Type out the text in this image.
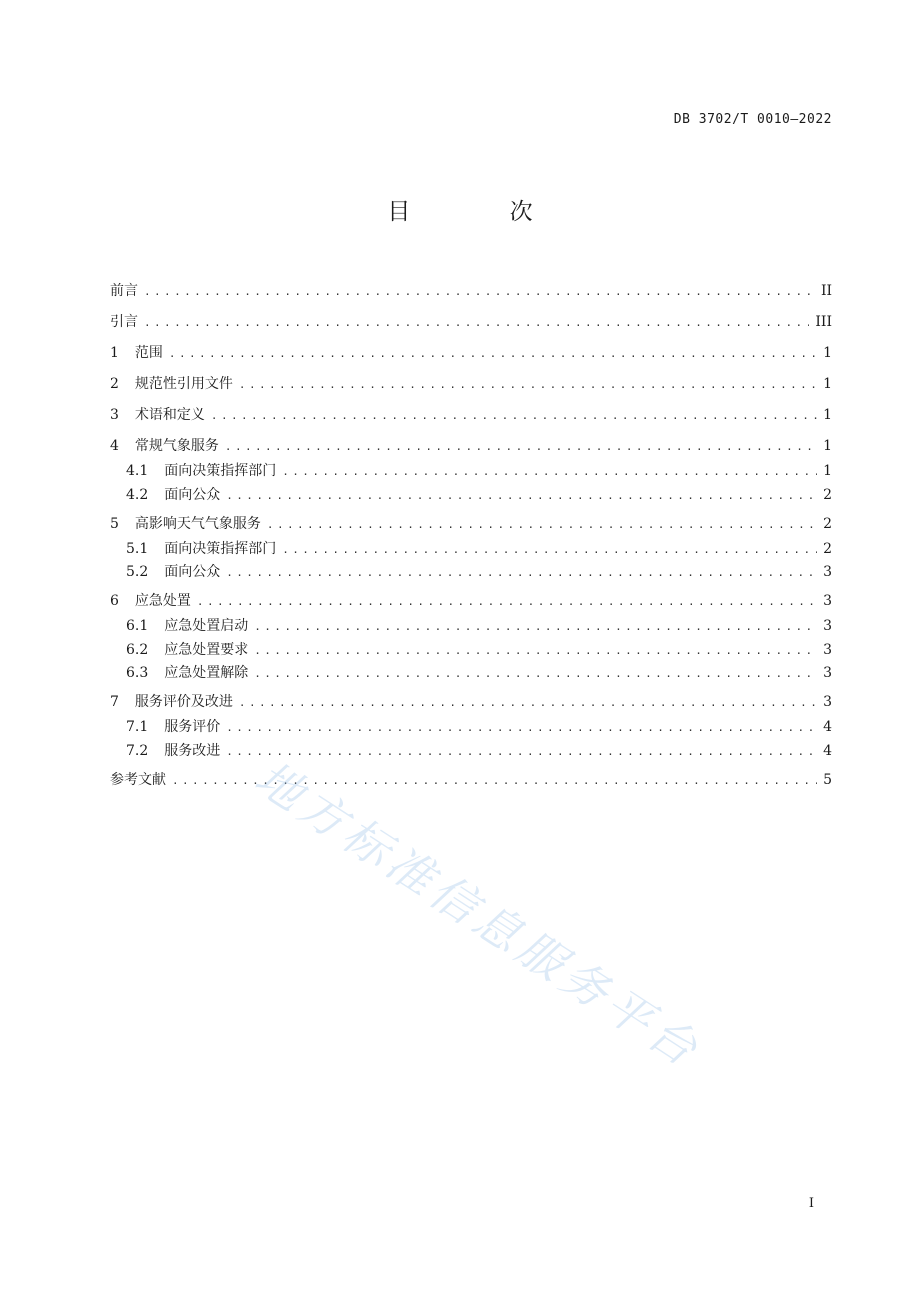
DB 3702/T 0010—2022
目 次
前言 .....	II
引言 .....	III
1 范围 .....	1
2 规范性引用文件 .....	1
3 术语和定义 .....	1
4 常规气象服务 .....	1
4.1 面向决策指挥部门 .....	1
4.2 面向公众 .....	2
5 高影响天气气象服务 .....	2
5.1 面向决策指挥部门 .....	2
5.2 面向公众 .....	3
6 应急处置 .....	3
6.1 应急处置启动 .....	3
6.2 应急处置要求 .....	3
6.3 应急处置解除 .....	3
7 服务评价及改进 .....	3
7.1 服务评价 .....	4
7.2 服务改进 .....	4
参考文献 .....	5
地方标准信息服务平台
I
